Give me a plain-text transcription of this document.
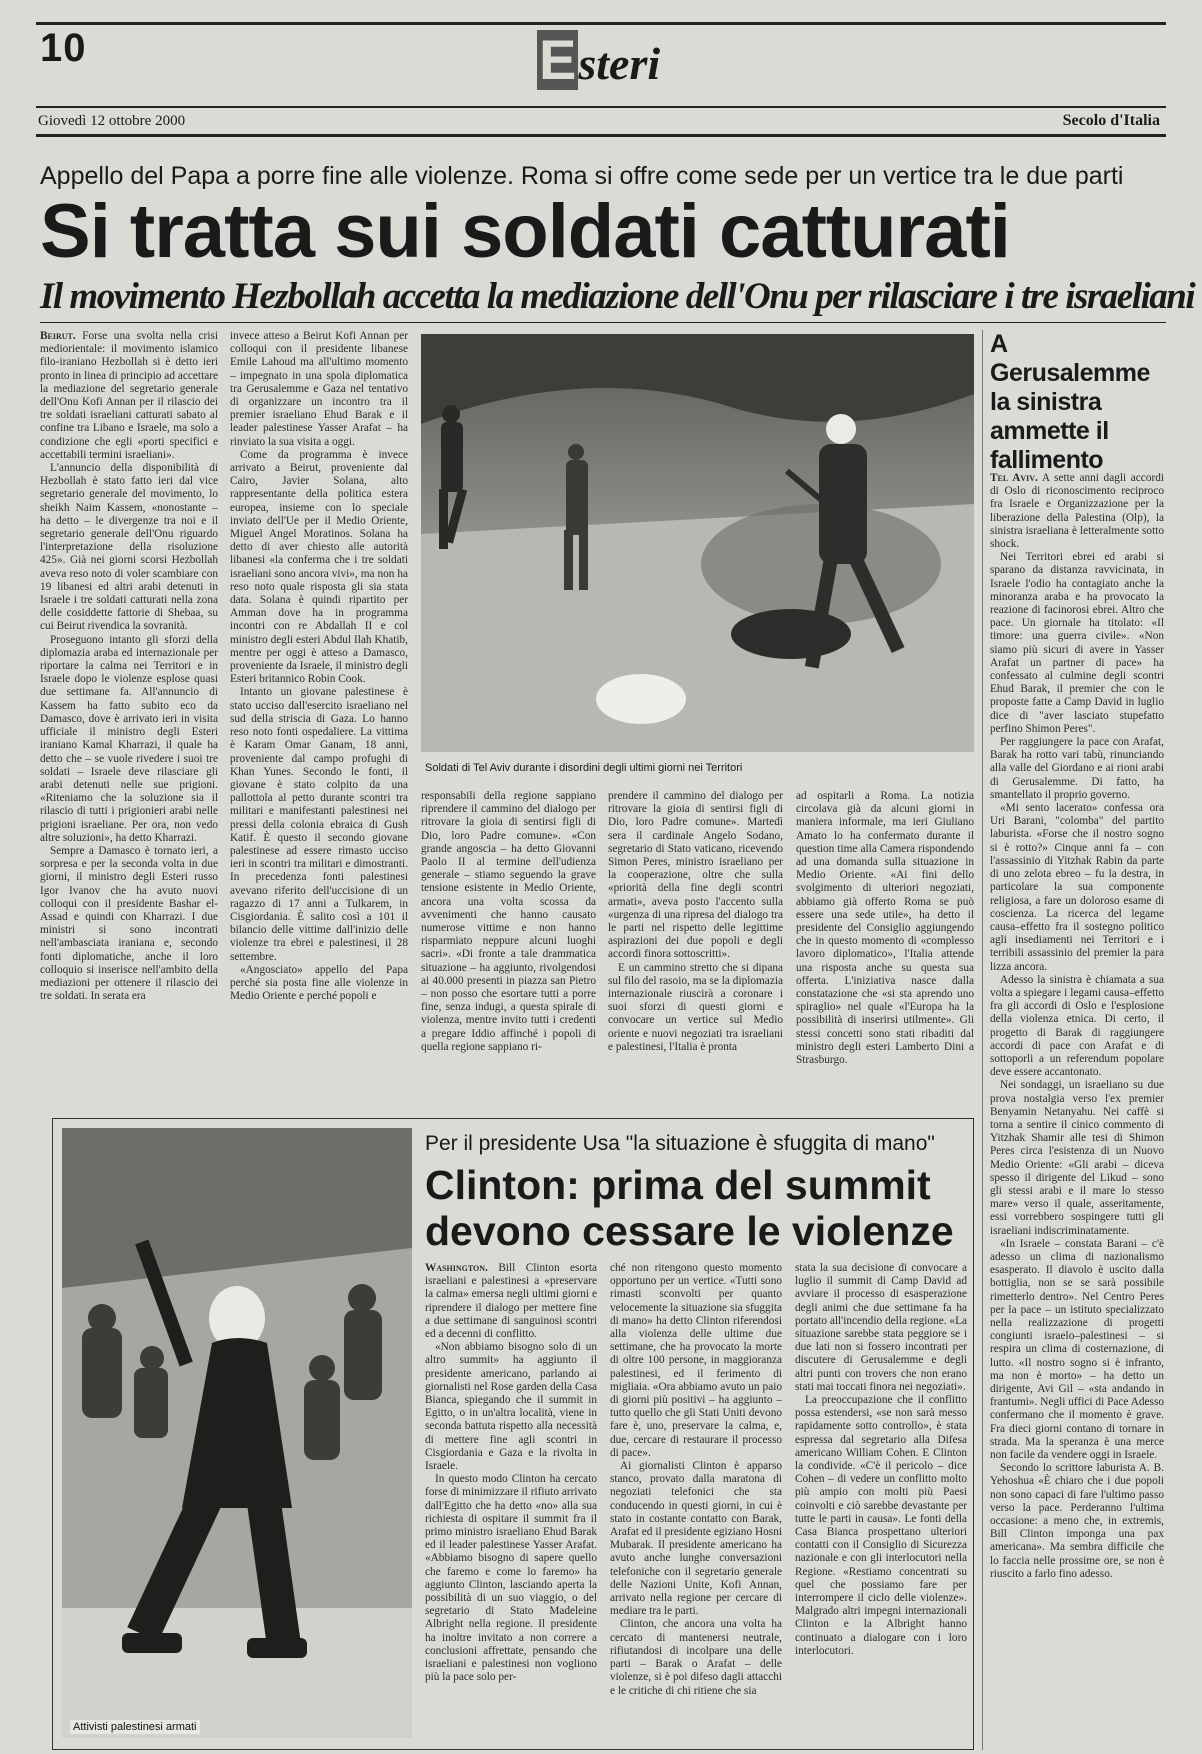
10	Esteri
Giovedì 12 ottobre 2000	Secolo d'Italia
Appello del Papa a porre fine alle violenze. Roma si offre come sede per un vertice tra le due parti
Si tratta sui soldati catturati
Il movimento Hezbollah accetta la mediazione dell'Onu per rilasciare i tre israeliani

Beirut. Forse una svolta nella crisi mediorientale: il movimento islamico filo-iraniano Hezbollah si è detto ieri pronto in linea di principio ad accettare la mediazione del segretario generale dell'Onu Kofi Annan per il rilascio dei tre soldati israeliani catturati sabato al confine tra Libano e Israele, ma solo a condizione che egli «porti specifici e accettabili termini israeliani».

L'annuncio della disponibilità di Hezbollah è stato fatto ieri dal vice segretario generale del movimento, lo sheikh Naim Kassem, «nonostante – ha detto – le divergenze tra noi e il segretario generale dell'Onu riguardo l'interpretazione della risoluzione 425». Già nei giorni scorsi Hezbollah aveva reso noto di voler scambiare con 19 libanesi ed altri arabi detenuti in Israele i tre soldati catturati nella zona delle cosiddette fattorie di Shebaa, su cui Beirut rivendica la sovranità.

Proseguono intanto gli sforzi della diplomazia araba ed internazionale per riportare la calma nei Territori e in Israele dopo le violenze esplose quasi due settimane fa. All'annuncio di Kassem ha fatto subito eco da Damasco, dove è arrivato ieri in visita ufficiale il ministro degli Esteri iraniano Kamal Kharrazi, il quale ha detto che – se vuole rivedere i suoi tre soldati – Israele deve rilasciare gli arabi detenuti nelle sue prigioni. «Riteniamo che la soluzione sia il rilascio di tutti i prigionieri arabi nelle prigioni israeliane. Per ora, non vedo altre soluzioni», ha detto Kharrazi.

Sempre a Damasco è tornato ieri, a sorpresa e per la seconda volta in due giorni, il ministro degli Esteri russo Igor Ivanov che ha avuto nuovi colloqui con il presidente Bashar el-Assad e quindi con Kharrazi. I due ministri si sono incontrati nell'ambasciata iraniana e, secondo fonti diplomatiche, anche il loro colloquio si inserisce nell'ambito della mediazioni per ottenere il rilascio dei tre soldati. In serata era

invece atteso a Beirut Kofi Annan per colloqui con il presidente libanese Emile Lahoud ma all'ultimo momento – impegnato in una spola diplomatica tra Gerusalemme e Gaza nel tentativo di organizzare un incontro tra il premier israeliano Ehud Barak e il leader palestinese Yasser Arafat – ha rinviato la sua visita a oggi.

Come da programma è invece arrivato a Beirut, proveniente dal Cairo, Javier Solana, alto rappresentante della politica estera europea, insieme con lo speciale inviato dell'Ue per il Medio Oriente, Miguel Angel Moratinos. Solana ha detto di aver chiesto alle autorità libanesi «la conferma che i tre soldati israeliani sono ancora vivi», ma non ha reso noto quale risposta gli sia stata data. Solana è quindi ripartito per Amman dove ha in programma incontri con re Abdallah II e col ministro degli esteri Abdul Ilah Khatib, mentre per oggi è atteso a Damasco, proveniente da Israele, il ministro degli Esteri britannico Robin Cook.

Intanto un giovane palestinese è stato ucciso dall'esercito israeliano nel sud della striscia di Gaza. Lo hanno reso noto fonti ospedaliere. La vittima è Karam Omar Ganam, 18 anni, proveniente dal campo profughi di Khan Yunes. Secondo le fonti, il giovane è stato colpito da una pallottola al petto durante scontri tra militari e manifestanti palestinesi nei pressi della colonia ebraica di Gush Katif. È questo il secondo giovane palestinese ad essere rimasto ucciso ieri in scontri tra militari e dimostranti. In precedenza fonti palestinesi avevano riferito dell'uccisione di un ragazzo di 17 anni a Tulkarem, in Cisgiordania. È salito così a 101 il bilancio delle vittime dall'inizio delle violenze tra ebrei e palestinesi, il 28 settembre.

«Angosciato» appello del Papa perché sia posta fine alle violenze in Medio Oriente e perché popoli e

Soldati di Tel Aviv durante i disordini degli ultimi giorni nei Territori

responsabili della regione sappiano riprendere il cammino del dialogo per ritrovare la gioia di sentirsi figli di Dio, loro Padre comune». «Con grande angoscia – ha detto Giovanni Paolo II al termine dell'udienza generale – stiamo seguendo la grave tensione esistente in Medio Oriente, ancora una volta scossa da avvenimenti che hanno causato numerose vittime e non hanno risparmiato neppure alcuni luoghi sacri». «Di fronte a tale drammatica situazione – ha aggiunto, rivolgendosi ai 40.000 presenti in piazza san Pietro – non posso che esortare tutti a porre fine, senza indugi, a questa spirale di violenza, mentre invito tutti i credenti a pregare Iddio affinché i popoli di quella regione sappiano ri-

prendere il cammino del dialogo per ritrovare la gioia di sentirsi figli di Dio, loro Padre comune». Martedì sera il cardinale Angelo Sodano, segretario di Stato vaticano, ricevendo Simon Peres, ministro israeliano per la cooperazione, oltre che sulla «priorità della fine degli scontri armati», aveva posto l'accento sulla «urgenza di una ripresa del dialogo tra le parti nel rispetto delle legittime aspirazioni dei due popoli e degli accordi finora sottoscritti».

E un cammino stretto che si dipana sul filo del rasoio, ma se la diplomazia internazionale riuscirà a coronare i suoi sforzi di questi giorni e convocare un vertice sul Medio oriente e nuovi negoziati tra israeliani e palestinesi, l'Italia è pronta

ad ospitarli a Roma. La notizia circolava già da alcuni giorni in maniera informale, ma ieri Giuliano Amato lo ha confermato durante il question time alla Camera rispondendo ad una domanda sulla situazione in Medio Oriente. «Ai fini dello svolgimento di ulteriori negoziati, abbiamo già offerto Roma se può essere una sede utile», ha detto il presidente del Consiglio aggiungendo che in questo momento di «complesso lavoro diplomatico», l'Italia attende una risposta anche su questa sua offerta. L'iniziativa nasce dalla constatazione che «si sta aprendo uno spiraglio» nel quale «l'Europa ha la possibilità di inserirsi utilmente». Gli stessi concetti sono stati ribaditi dal ministro degli esteri Lamberto Dini a Strasburgo.

A Gerusalemme la sinistra ammette il fallimento

Tel Aviv. A sette anni dagli accordi di Oslo di riconoscimento reciproco fra Israele e Organizzazione per la liberazione della Palestina (Olp), la sinistra israeliana è letteralmente sotto shock.

Nei Territori ebrei ed arabi si sparano da distanza ravvicinata, in Israele l'odio ha contagiato anche la minoranza araba e ha provocato la reazione di facinorosi ebrei. Altro che pace. Un giornale ha titolato: «Il timore: una guerra civile». «Non siamo più sicuri di avere in Yasser Arafat un partner di pace» ha confessato al culmine degli scontri Ehud Barak, il premier che con le proposte fatte a Camp David in luglio dice di "aver lasciato stupefatto perfino Shimon Peres".

Per raggiungere la pace con Arafat, Barak ha rotto vari tabù, rinunciando alla valle del Giordano e ai rioni arabi di Gerusalemme. Di fatto, ha smantellato il proprio governo.

«Mi sento lacerato» confessa ora Uri Barani, "colomba" del partito laburista. «Forse che il nostro sogno si è rotto?» Cinque anni fa – con l'assassinio di Yitzhak Rabin da parte di uno zelota ebreo – fu la destra, in particolare la sua componente religiosa, a fare un doloroso esame di coscienza. La ricerca del legame causa–effetto fra il sostegno politico agli insediamenti nei Territori e i terribili assassinio del premier la para lizza ancora.

Adesso la sinistra è chiamata a sua volta a spiegare i legami causa–effetto fra gli accordi di Oslo e l'esplosione della violenza etnica. Di certo, il progetto di Barak di raggiungere accordi di pace con Arafat e di sottoporli a un referendum popolare deve essere accantonato.

Nei sondaggi, un israeliano su due prova nostalgia verso l'ex premier Benyamin Netanyahu. Nei caffè si torna a sentire il cinico commento di Yitzhak Shamir alle tesi di Shimon Peres circa l'esistenza di un Nuovo Medio Oriente: «Gli arabi – diceva spesso il dirigente del Likud – sono gli stessi arabi e il mare lo stesso mare» verso il quale, asseritamente, essi vorrebbero sospingere tutti gli israeliani indiscriminatamente.

«In Israele – constata Barani – c'è adesso un clima di nazionalismo esasperato. Il diavolo è uscito dalla bottiglia, non se se sarà possibile rimetterlo dentro». Nel Centro Peres per la pace – un istituto specializzato nella realizzazione di progetti congiunti israelo–palestinesi – si respira un clima di costernazione, di lutto. «Il nostro sogno si è infranto, ma non è morto» – ha detto un dirigente, Avi Gil – «sta andando in frantumi». Negli uffici di Pace Adesso confermano che il momento è grave. Fra dieci giorni contano di tornare in strada. Ma la speranza è una merce non facile da vendere oggi in Israele.

Secondo lo scrittore laburista A. B. Yehoshua «È chiaro che i due popoli non sono capaci di fare l'ultimo passo verso la pace. Perderanno l'ultima occasione: a meno che, in extremis, Bill Clinton imponga una pax americana». Ma sembra difficile che lo faccia nelle prossime ore, se non è riuscito a farlo fino adesso.

Attivisti palestinesi armati
Per il presidente Usa "la situazione è sfuggita di mano"
Clinton: prima del summit devono cessare le violenze

Washington. Bill Clinton esorta israeliani e palestinesi a «preservare la calma» emersa negli ultimi giorni e riprendere il dialogo per mettere fine a due settimane di sanguinosi scontri ed a decenni di conflitto.

«Non abbiamo bisogno solo di un altro summit» ha aggiunto il presidente americano, parlando ai giornalisti nel Rose garden della Casa Bianca, spiegando che il summit in Egitto, o in un'altra località, viene in seconda battuta rispetto alla necessità di mettere fine agli scontri in Cisgiordania e Gaza e la rivolta in Israele.

In questo modo Clinton ha cercato forse di minimizzare il rifiuto arrivato dall'Egitto che ha detto «no» alla sua richiesta di ospitare il summit fra il primo ministro israeliano Ehud Barak ed il leader palestinese Yasser Arafat. «Abbiamo bisogno di sapere quello che faremo e come lo faremo» ha aggiunto Clinton, lasciando aperta la possibilità di un suo viaggio, o del segretario di Stato Madeleine Albright nella regione. Il presidente ha inoltre invitato a non correre a conclusioni affrettate, pensando che israeliani e palestinesi non vogliono più la pace solo per-

ché non ritengono questo momento opportuno per un vertice. «Tutti sono rimasti sconvolti per quanto velocemente la situazione sia sfuggita di mano» ha detto Clinton riferendosi alla violenza delle ultime due settimane, che ha provocato la morte di oltre 100 persone, in maggioranza palestinesi, ed il ferimento di migliaia. «Ora abbiamo avuto un paio di giorni più positivi – ha aggiunto – tutto quello che gli Stati Uniti devono fare è, uno, preservare la calma, e, due, cercare di restaurare il processo di pace».

Ai giornalisti Clinton è apparso stanco, provato dalla maratona di negoziati telefonici che sta conducendo in questi giorni, in cui è stato in costante contatto con Barak, Arafat ed il presidente egiziano Hosni Mubarak. Il presidente americano ha avuto anche lunghe conversazioni telefoniche con il segretario generale delle Nazioni Unite, Kofi Annan, arrivato nella regione per cercare di mediare tra le parti.

Clinton, che ancora una volta ha cercato di mantenersi neutrale, rifiutandosi di incolpare una delle parti – Barak o Arafat – delle violenze, si è poi difeso dagli attacchi e le critiche di chi ritiene che sia

stata la sua decisione di convocare a luglio il summit di Camp David ad avviare il processo di esasperazione degli animi che due settimane fa ha portato all'incendio della regione. «La situazione sarebbe stata peggiore se i due lati non si fossero incontrati per discutere di Gerusalemme e degli altri punti con trovers che non erano stati mai toccati finora nei negoziati».

La preoccupazione che il conflitto possa estendersi, «se non sarà messo rapidamente sotto controllo», è stata espressa dal segretario alla Difesa americano William Cohen. E Clinton la condivide. «C'è il pericolo – dice Cohen – di vedere un conflitto molto più ampio con molti più Paesi coinvolti e ciò sarebbe devastante per tutte le parti in causa». Le fonti della Casa Bianca prospettano ulteriori contatti con il Consiglio di Sicurezza nazionale e con gli interlocutori nella Regione. «Restiamo concentrati su quel che possiamo fare per interrompere il ciclo delle violenze». Malgrado altri impegni internazionali Clinton e la Albright hanno continuato a dialogare con i loro interlocutori.
